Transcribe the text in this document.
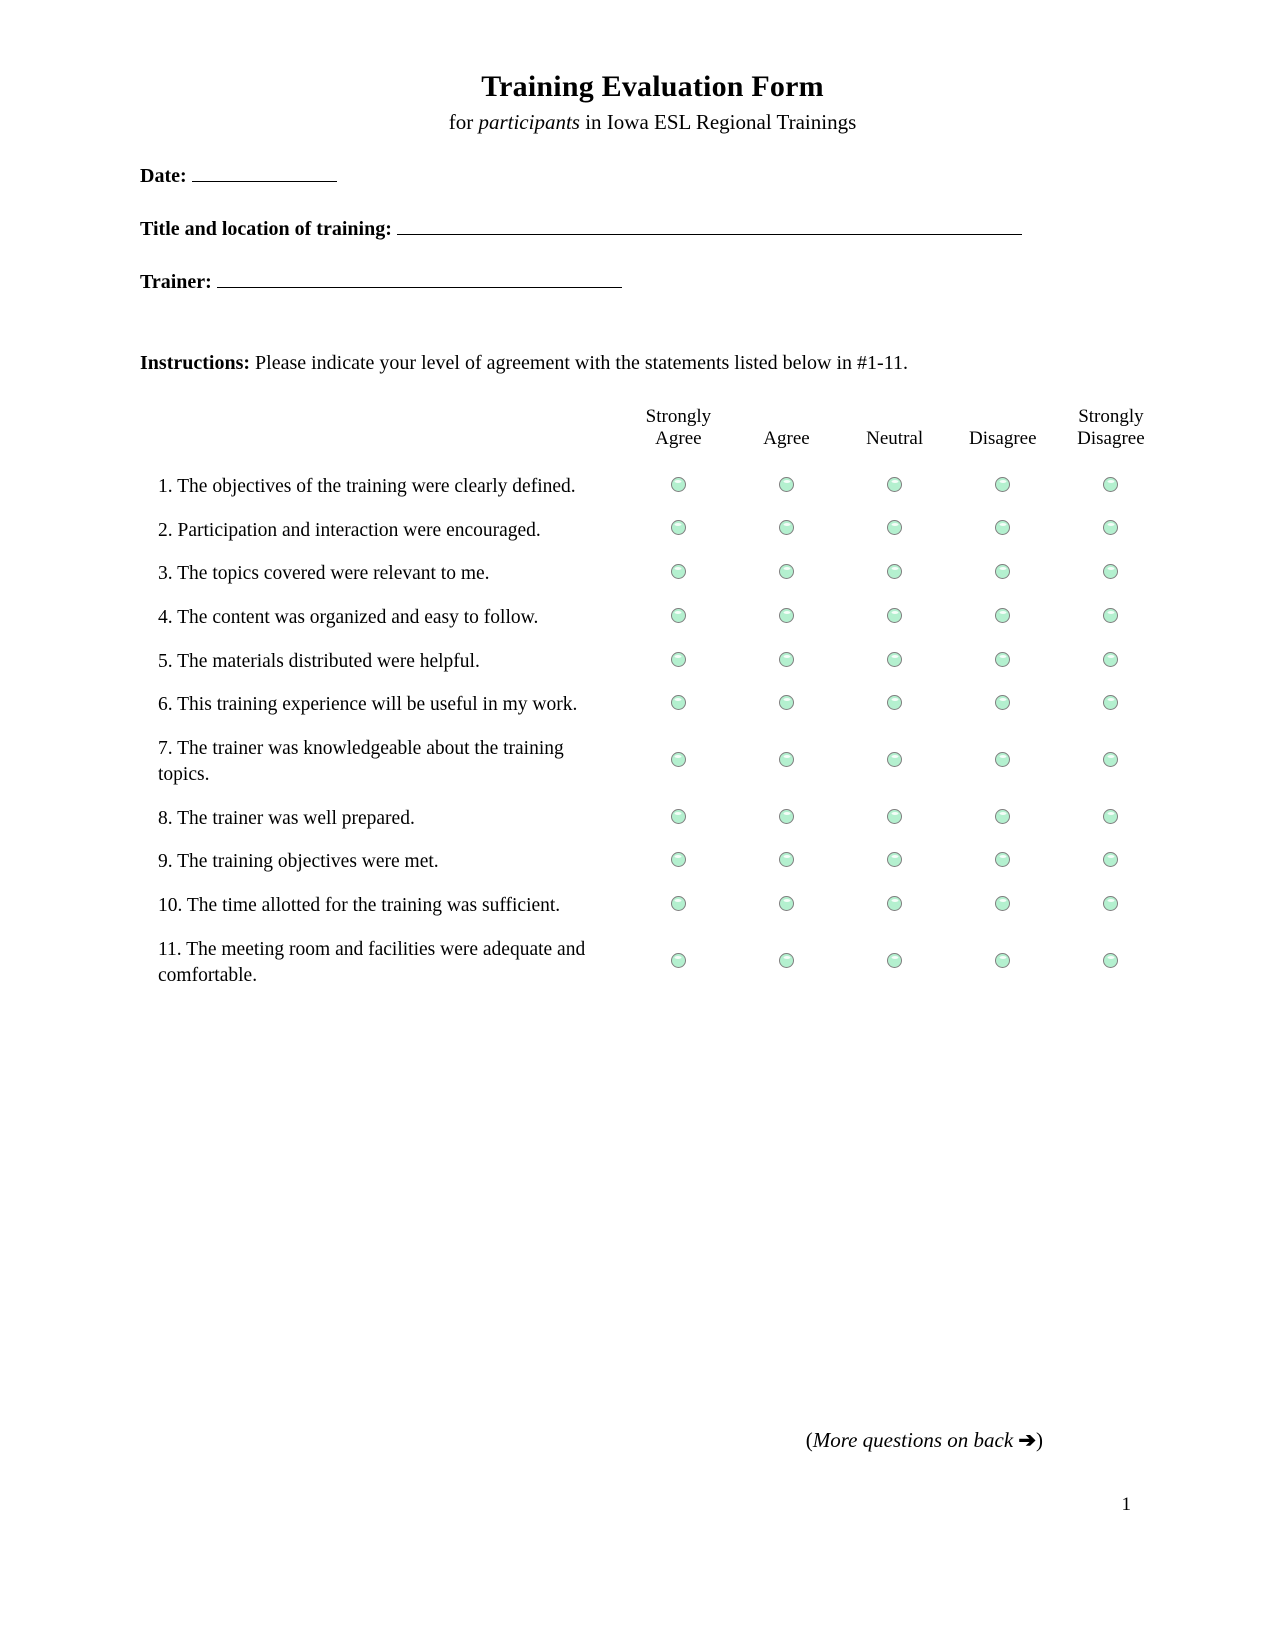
Training Evaluation Form
for participants in Iowa ESL Regional Trainings
Date:
Title and location of training:
Trainer:
Instructions: Please indicate your level of agreement with the statements listed below in #1-11.
	Strongly Agree	Agree	Neutral	Disagree	Strongly Disagree
1. The objectives of the training were clearly defined.					
2. Participation and interaction were encouraged.					
3. The topics covered were relevant to me.					
4. The content was organized and easy to follow.					
5. The materials distributed were helpful.					
6. This training experience will be useful in my work.					
7. The trainer was knowledgeable about the training topics.					
8. The trainer was well prepared.					
9. The training objectives were met.					
10. The time allotted for the training was sufficient.					
11. The meeting room and facilities were adequate and comfortable.					
(More questions on back ➔)
1
